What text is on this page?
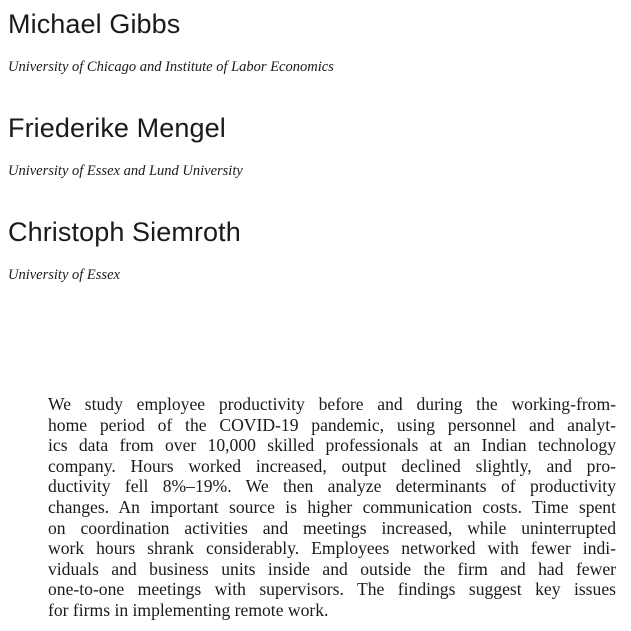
Michael Gibbs

University of Chicago and Institute of Labor Economics

Friederike Mengel

University of Essex and Lund University

Christoph Siemroth

University of Essex

We study employee productivity before and during the working-from-
home period of the COVID-19 pandemic, using personnel and analyt-
ics data from over 10,000 skilled professionals at an Indian technology
company. Hours worked increased, output declined slightly, and pro-
ductivity fell 8%–19%. We then analyze determinants of productivity
changes. An important source is higher communication costs. Time spent
on coordination activities and meetings increased, while uninterrupted
work hours shrank considerably. Employees networked with fewer indi-
viduals and business units inside and outside the firm and had fewer
one-to-one meetings with supervisors. The findings suggest key issues
for firms in implementing remote work.
